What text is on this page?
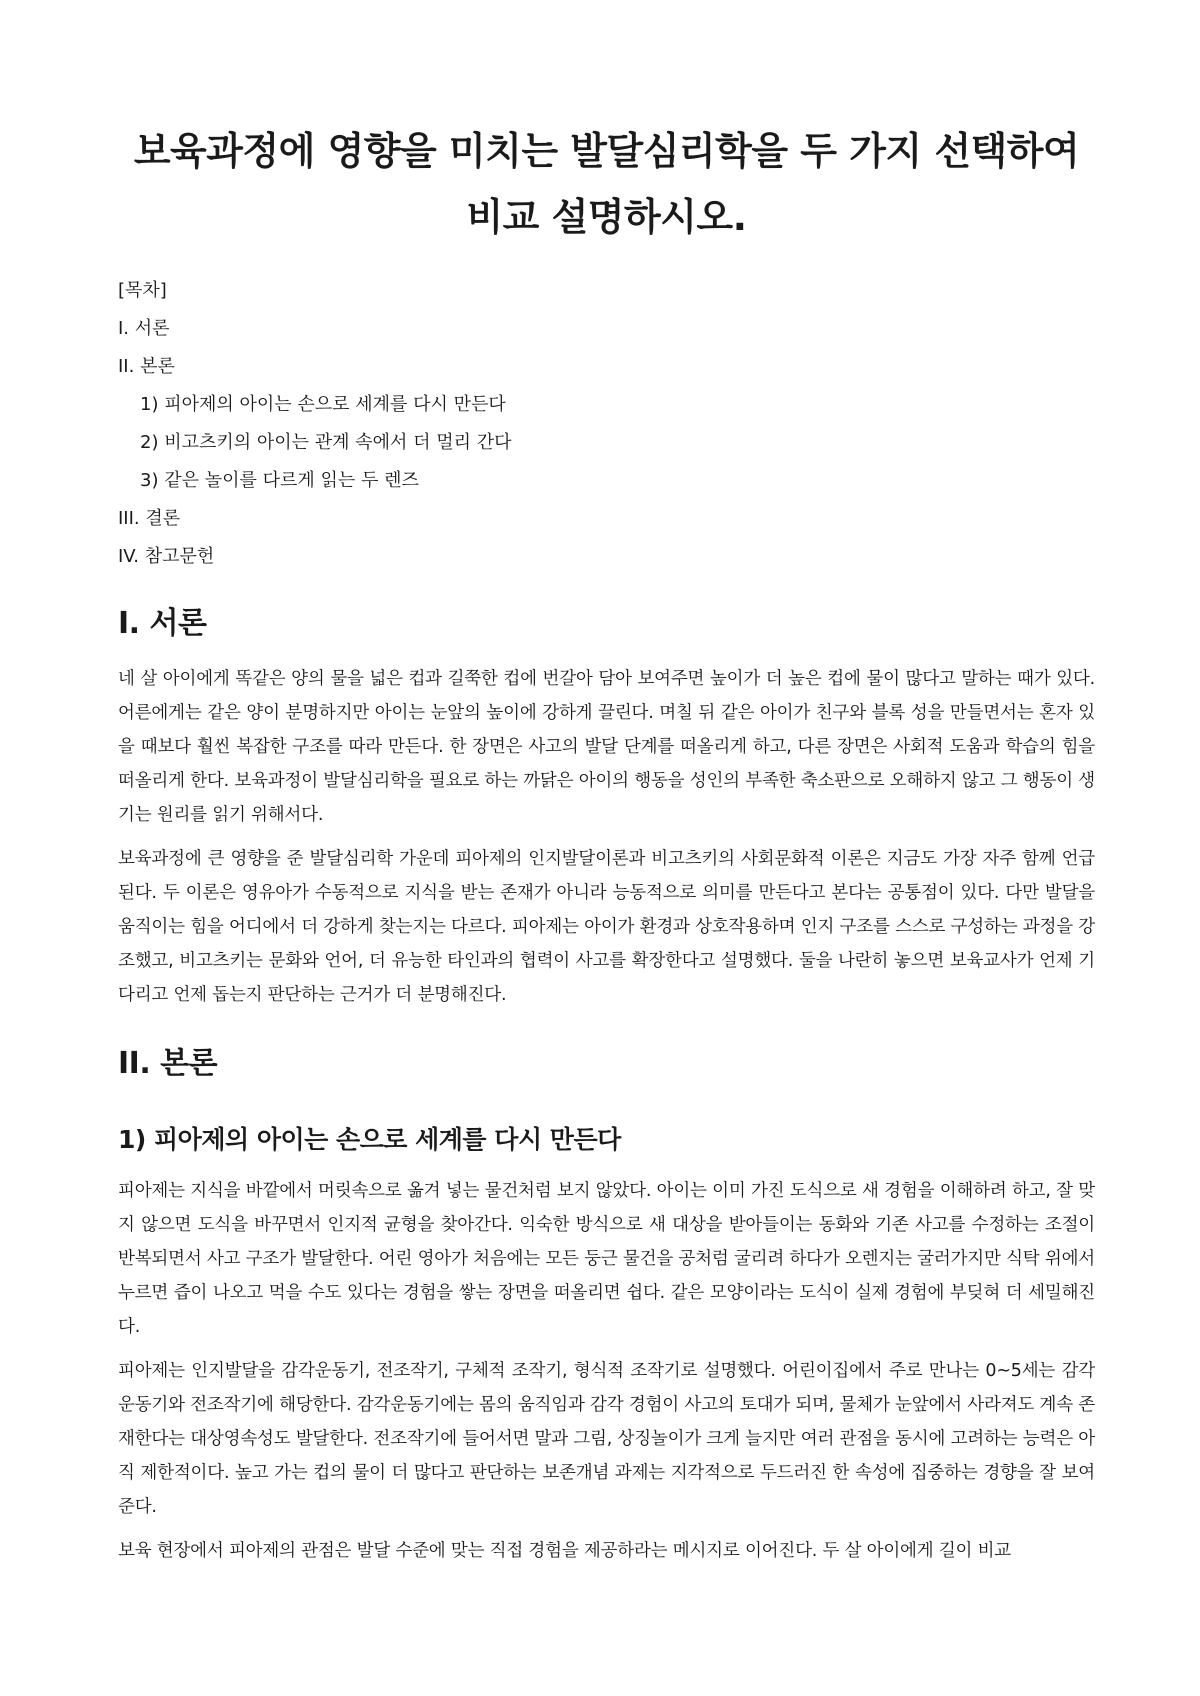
보육과정에 영향을 미치는 발달심리학을 두 가지 선택하여 비교 설명하시오.
[목차]
I. 서론
II. 본론
1) 피아제의 아이는 손으로 세계를 다시 만든다
2) 비고츠키의 아이는 관계 속에서 더 멀리 간다
3) 같은 놀이를 다르게 읽는 두 렌즈
III. 결론
IV. 참고문헌
I. 서론

네 살 아이에게 똑같은 양의 물을 넓은 컵과 길쭉한 컵에 번갈아 담아 보여주면 높이가 더 높은 컵에 물이 많다고 말하는 때가 있다. 어른에게는 같은 양이 분명하지만 아이는 눈앞의 높이에 강하게 끌린다. 며칠 뒤 같은 아이가 친구와 블록 성을 만들면서는 혼자 있을 때보다 훨씬 복잡한 구조를 따라 만든다. 한 장면은 사고의 발달 단계를 떠올리게 하고, 다른 장면은 사회적 도움과 학습의 힘을 떠올리게 한다. 보육과정이 발달심리학을 필요로 하는 까닭은 아이의 행동을 성인의 부족한 축소판으로 오해하지 않고 그 행동이 생기는 원리를 읽기 위해서다.

보육과정에 큰 영향을 준 발달심리학 가운데 피아제의 인지발달이론과 비고츠키의 사회문화적 이론은 지금도 가장 자주 함께 언급된다. 두 이론은 영유아가 수동적으로 지식을 받는 존재가 아니라 능동적으로 의미를 만든다고 본다는 공통점이 있다. 다만 발달을 움직이는 힘을 어디에서 더 강하게 찾는지는 다르다. 피아제는 아이가 환경과 상호작용하며 인지 구조를 스스로 구성하는 과정을 강조했고, 비고츠키는 문화와 언어, 더 유능한 타인과의 협력이 사고를 확장한다고 설명했다. 둘을 나란히 놓으면 보육교사가 언제 기다리고 언제 돕는지 판단하는 근거가 더 분명해진다.

II. 본론
1) 피아제의 아이는 손으로 세계를 다시 만든다

피아제는 지식을 바깥에서 머릿속으로 옮겨 넣는 물건처럼 보지 않았다. 아이는 이미 가진 도식으로 새 경험을 이해하려 하고, 잘 맞지 않으면 도식을 바꾸면서 인지적 균형을 찾아간다. 익숙한 방식으로 새 대상을 받아들이는 동화와 기존 사고를 수정하는 조절이 반복되면서 사고 구조가 발달한다. 어린 영아가 처음에는 모든 둥근 물건을 공처럼 굴리려 하다가 오렌지는 굴러가지만 식탁 위에서 누르면 즙이 나오고 먹을 수도 있다는 경험을 쌓는 장면을 떠올리면 쉽다. 같은 모양이라는 도식이 실제 경험에 부딪혀 더 세밀해진다.

피아제는 인지발달을 감각운동기, 전조작기, 구체적 조작기, 형식적 조작기로 설명했다. 어린이집에서 주로 만나는 0~5세는 감각운동기와 전조작기에 해당한다. 감각운동기에는 몸의 움직임과 감각 경험이 사고의 토대가 되며, 물체가 눈앞에서 사라져도 계속 존재한다는 대상영속성도 발달한다. 전조작기에 들어서면 말과 그림, 상징놀이가 크게 늘지만 여러 관점을 동시에 고려하는 능력은 아직 제한적이다. 높고 가는 컵의 물이 더 많다고 판단하는 보존개념 과제는 지각적으로 두드러진 한 속성에 집중하는 경향을 잘 보여준다.

보육 현장에서 피아제의 관점은 발달 수준에 맞는 직접 경험을 제공하라는 메시지로 이어진다. 두 살 아이에게 길이 비교
